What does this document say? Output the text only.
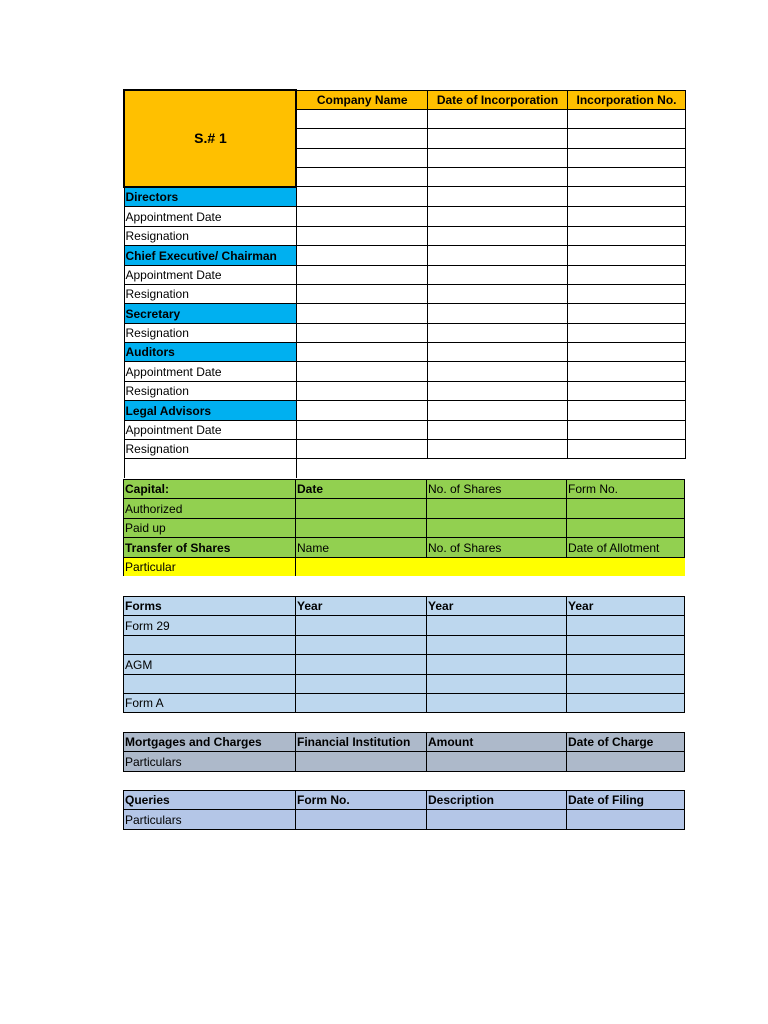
S.# 1	Company Name	Date of Incorporation	Incorporation No.

Directors			
Appointment Date			
Resignation			
Chief Executive/ Chairman			
Appointment Date			
Resignation			
Secretary			
Resignation			
Auditors			
Appointment Date			
Resignation			
Legal Advisors			
Appointment Date			
Resignation			

Capital:	Date	No. of Shares	Form No.
Authorized			
Paid up			
Transfer of Shares	Name	No. of Shares	Date of Allotment
Particular			
Forms	Year	Year	Year
Form 29			

AGM			

Form A			
Mortgages and Charges	Financial Institution	Amount	Date of Charge
Particulars			
Queries	Form No.	Description	Date of Filing
Particulars			
